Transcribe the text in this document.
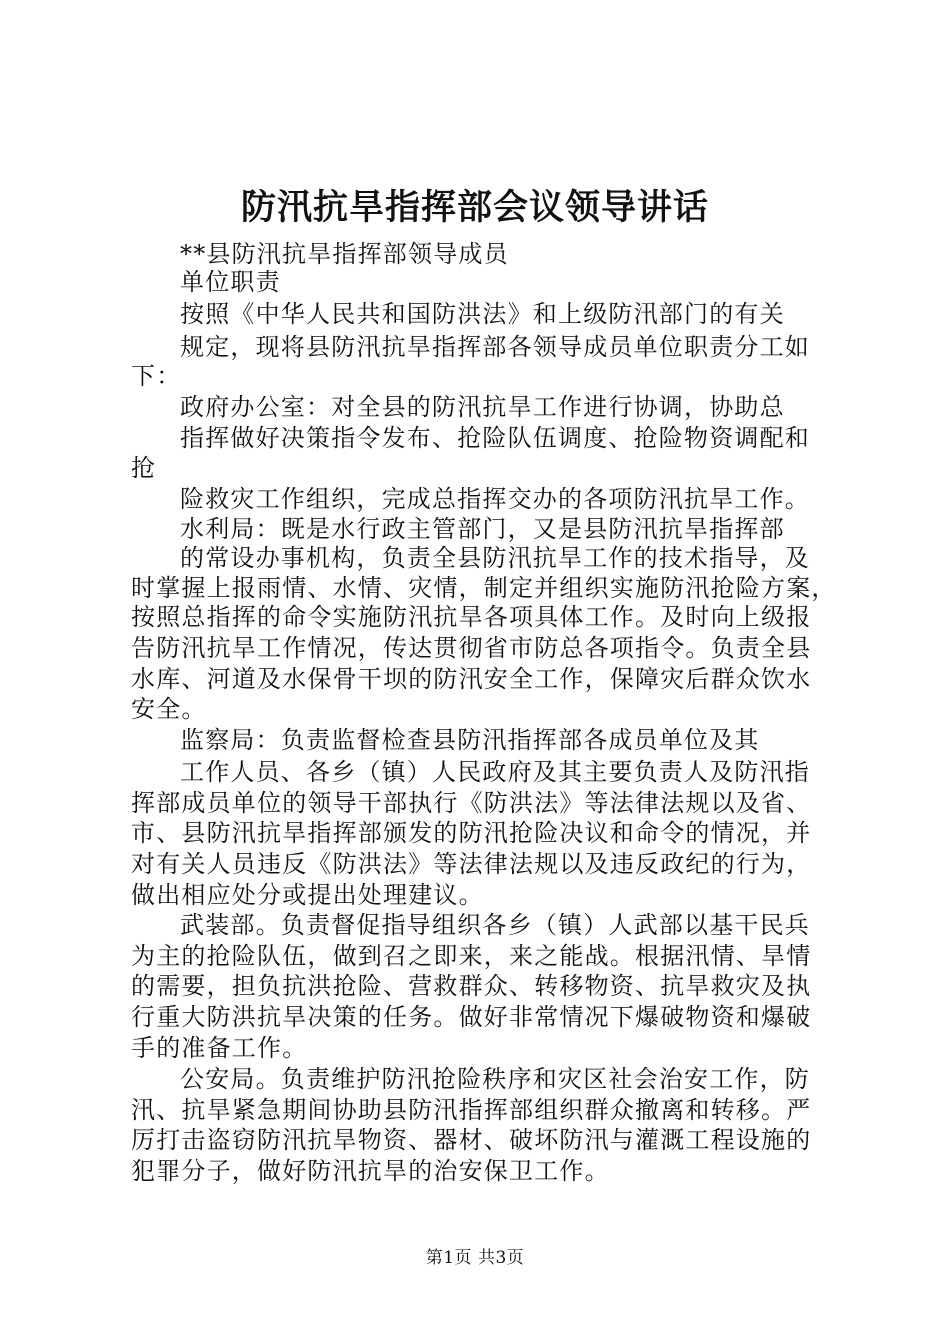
防汛抗旱指挥部会议领导讲话
**县防汛抗旱指挥部领导成员
单位职责
按照《中华人民共和国防洪法》和上级防汛部门的有关
规定，现将县防汛抗旱指挥部各领导成员单位职责分工如
下：
政府办公室：对全县的防汛抗旱工作进行协调，协助总
指挥做好决策指令发布、抢险队伍调度、抢险物资调配和
抢
险救灾工作组织，完成总指挥交办的各项防汛抗旱工作。
水利局：既是水行政主管部门，又是县防汛抗旱指挥部
的常设办事机构，负责全县防汛抗旱工作的技术指导，及
时掌握上报雨情、水情、灾情，制定并组织实施防汛抢险方案，
按照总指挥的命令实施防汛抗旱各项具体工作。及时向上级报
告防汛抗旱工作情况，传达贯彻省市防总各项指令。负责全县
水库、河道及水保骨干坝的防汛安全工作，保障灾后群众饮水
安全。
监察局：负责监督检查县防汛指挥部各成员单位及其
工作人员、各乡（镇）人民政府及其主要负责人及防汛指
挥部成员单位的领导干部执行《防洪法》等法律法规以及省、
市、县防汛抗旱指挥部颁发的防汛抢险决议和命令的情况，并
对有关人员违反《防洪法》等法律法规以及违反政纪的行为，
做出相应处分或提出处理建议。
武装部。负责督促指导组织各乡（镇）人武部以基干民兵
为主的抢险队伍，做到召之即来，来之能战。根据汛情、旱情
的需要，担负抗洪抢险、营救群众、转移物资、抗旱救灾及执
行重大防洪抗旱决策的任务。做好非常情况下爆破物资和爆破
手的准备工作。
公安局。负责维护防汛抢险秩序和灾区社会治安工作，防
汛、抗旱紧急期间协助县防汛指挥部组织群众撤离和转移。严
厉打击盗窃防汛抗旱物资、器材、破坏防汛与灌溉工程设施的
犯罪分子，做好防汛抗旱的治安保卫工作。
第1页 共3页
